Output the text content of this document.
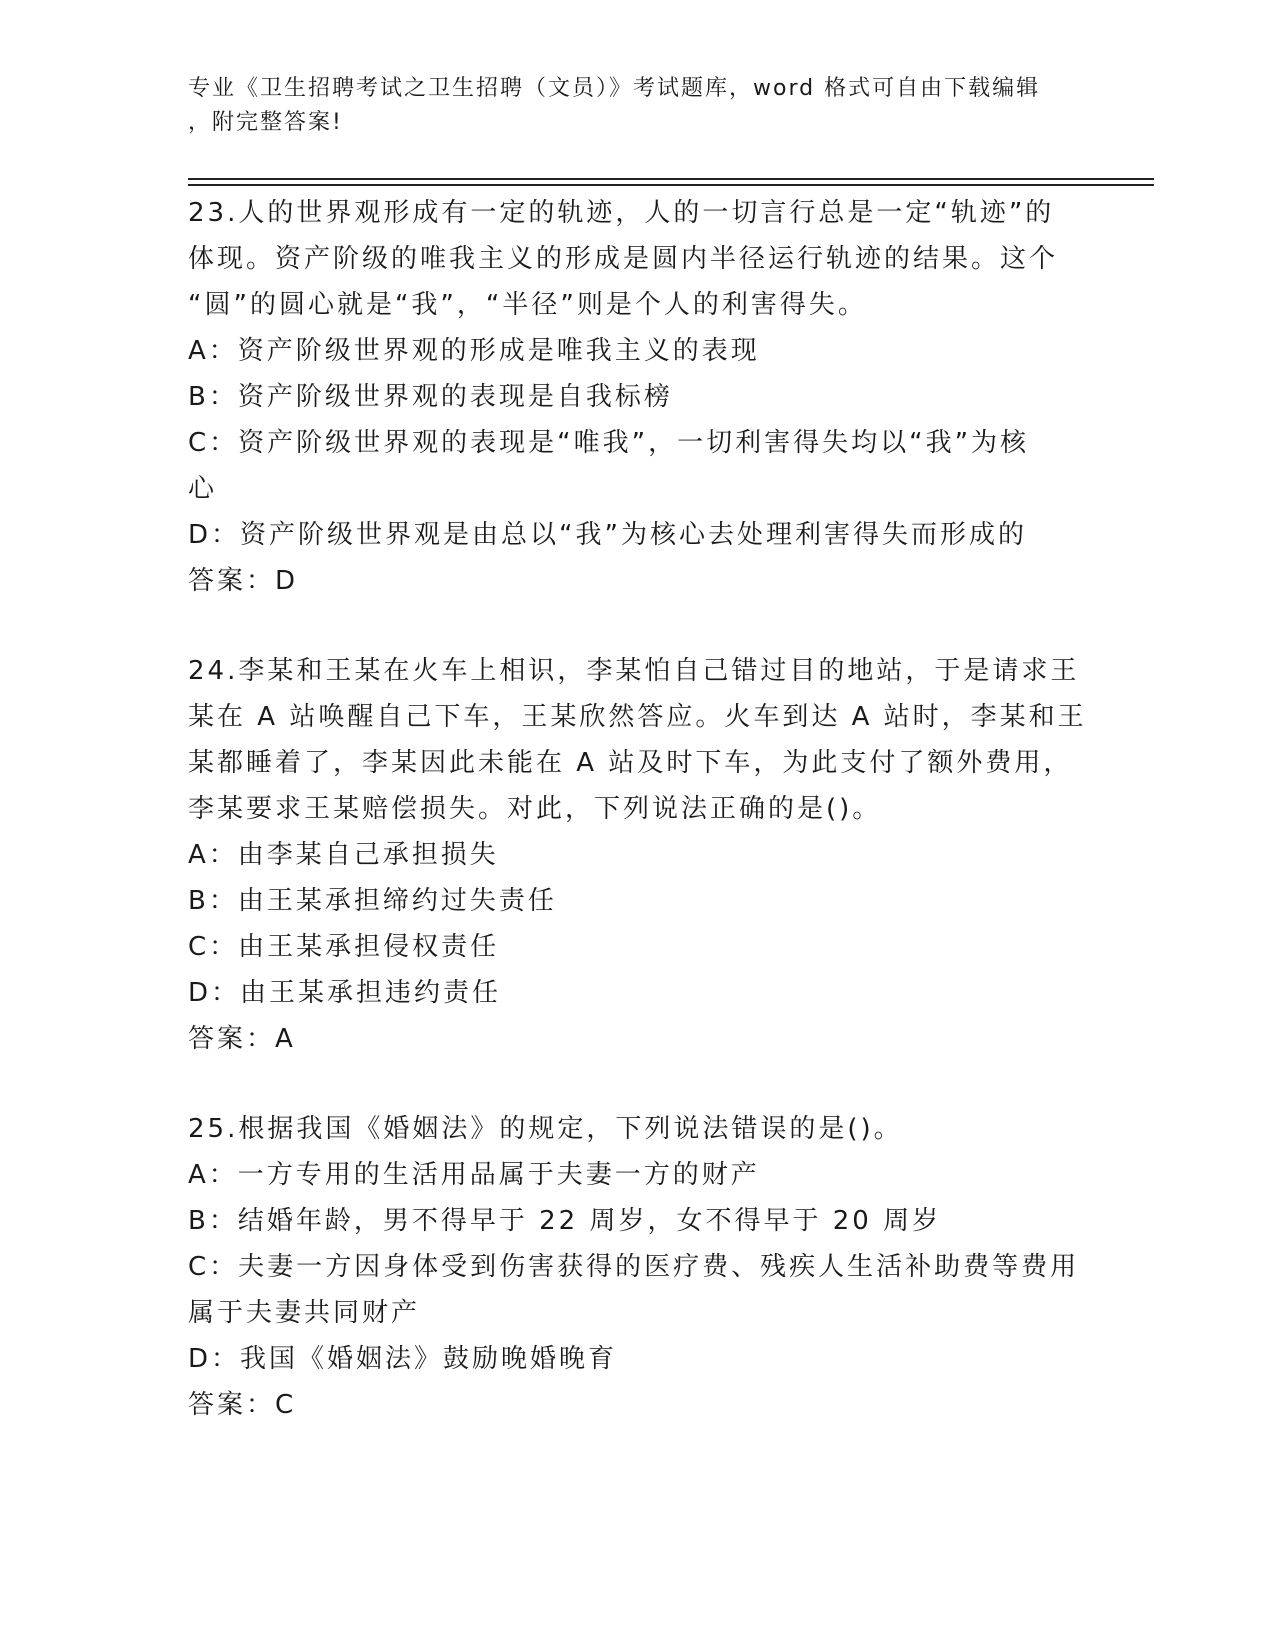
专业《卫生招聘考试之卫生招聘（文员）》考试题库，word 格式可自由下载编辑
，附完整答案!

23.人的世界观形成有一定的轨迹，人的一切言行总是一定“轨迹”的

体现。资产阶级的唯我主义的形成是圆内半径运行轨迹的结果。这个

“圆”的圆心就是“我”，“半径”则是个人的利害得失。

A：资产阶级世界观的形成是唯我主义的表现

B：资产阶级世界观的表现是自我标榜

C：资产阶级世界观的表现是“唯我”，一切利害得失均以“我”为核

心

D：资产阶级世界观是由总以“我”为核心去处理利害得失而形成的

答案：D

24.李某和王某在火车上相识，李某怕自己错过目的地站，于是请求王

某在 A 站唤醒自己下车，王某欣然答应。火车到达 A 站时，李某和王

某都睡着了，李某因此未能在 A 站及时下车，为此支付了额外费用，

李某要求王某赔偿损失。对此，下列说法正确的是()。

A：由李某自己承担损失

B：由王某承担缔约过失责任

C：由王某承担侵权责任

D：由王某承担违约责任

答案：A

25.根据我国《婚姻法》的规定，下列说法错误的是()。

A：一方专用的生活用品属于夫妻一方的财产

B：结婚年龄，男不得早于 22 周岁，女不得早于 20 周岁

C：夫妻一方因身体受到伤害获得的医疗费、残疾人生活补助费等费用

属于夫妻共同财产

D：我国《婚姻法》鼓励晚婚晚育

答案：C
